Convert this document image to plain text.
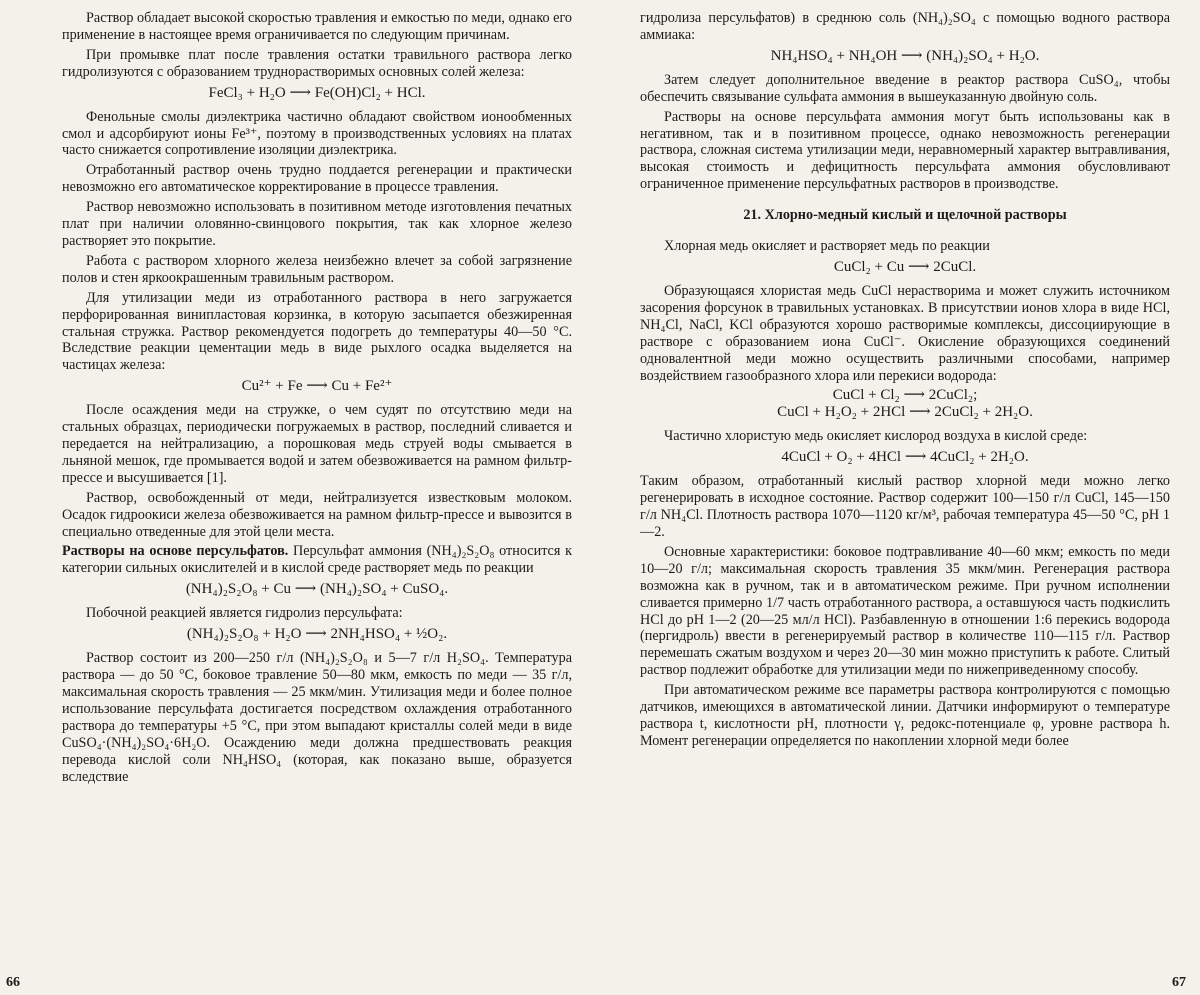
Раствор обладает высокой скоростью травления и емкостью по меди, однако его применение в настоящее время ограничивается по следующим причинам.

При промывке плат после травления остатки травильного раствора легко гидролизуются с образованием труднорастворимых основных солей железа:

FeCl₃ + H₂O ⟶ Fe(OH)Cl₂ + HCl.

Фенольные смолы диэлектрика частично обладают свойством ионообменных смол и адсорбируют ионы Fe³⁺, поэтому в производственных условиях на платах часто снижается сопротивление изоляции диэлектрика.

Отработанный раствор очень трудно поддается регенерации и практически невозможно его автоматическое корректирование в процессе травления.

Раствор невозможно использовать в позитивном методе изготовления печатных плат при наличии оловянно-свинцового покрытия, так как хлорное железо растворяет это покрытие.

Работа с раствором хлорного железа неизбежно влечет за собой загрязнение полов и стен яркоокрашенным травильным раствором.

Для утилизации меди из отработанного раствора в него загружается перфорированная винипластовая корзинка, в которую засыпается обезжиренная стальная стружка. Раствор рекомендуется подогреть до температуры 40—50 °С. Вследствие реакции цементации медь в виде рыхлого осадка выделяется на частицах железа:

Cu²⁺ + Fe ⟶ Cu + Fe²⁺

После осаждения меди на стружке, о чем судят по отсутствию меди на стальных образцах, периодически погружаемых в раствор, последний сливается и передается на нейтрализацию, а порошковая медь струей воды смывается в льняной мешок, где промывается водой и затем обезвоживается на рамном фильтр-прессе и высушивается [1].

Раствор, освобожденный от меди, нейтрализуется известковым молоком. Осадок гидроокиси железа обезвоживается на рамном фильтр-прессе и вывозится в специально отведенные для этой цели места.

Растворы на основе персульфатов. Персульфат аммония (NH₄)₂S₂O₈ относится к категории сильных окислителей и в кислой среде растворяет медь по реакции

(NH₄)₂S₂O₈ + Cu ⟶ (NH₄)₂SO₄ + CuSO₄.

Побочной реакцией является гидролиз персульфата:

(NH₄)₂S₂O₈ + H₂O ⟶ 2NH₄HSO₄ + ½O₂.

Раствор состоит из 200—250 г/л (NH₄)₂S₂O₈ и 5—7 г/л H₂SO₄. Температура раствора — до 50 °С, боковое травление 50—80 мкм, емкость по меди — 35 г/л, максимальная скорость травления — 25 мкм/мин. Утилизация меди и более полное использование персульфата достигается посредством охлаждения отработанного раствора до температуры +5 °С, при этом выпадают кристаллы солей меди в виде CuSO₄·(NH₄)₂SO₄·6H₂O. Осаждению меди должна предшествовать реакция перевода кислой соли NH₄HSO₄ (которая, как показано выше, образуется вследствие

66

гидролиза персульфатов) в среднюю соль (NH₄)₂SO₄ с помощью водного раствора аммиака:

NH₄HSO₄ + NH₄OH ⟶ (NH₄)₂SO₄ + H₂O.

Затем следует дополнительное введение в реактор раствора CuSO₄, чтобы обеспечить связывание сульфата аммония в вышеуказанную двойную соль.

Растворы на основе персульфата аммония могут быть использованы как в негативном, так и в позитивном процессе, однако невозможность регенерации раствора, сложная система утилизации меди, неравномерный характер вытравливания, высокая стоимость и дефицитность персульфата аммония обусловливают ограниченное применение персульфатных растворов в производстве.

21. Хлорно-медный кислый и щелочной растворы

Хлорная медь окисляет и растворяет медь по реакции

CuCl₂ + Cu ⟶ 2CuCl.

Образующаяся хлористая медь CuCl нерастворима и может служить источником засорения форсунок в травильных установках. В присутствии ионов хлора в виде HCl, NH₄Cl, NaCl, KCl образуются хорошо растворимые комплексы, диссоциирующие в растворе с образованием иона CuCl⁻. Окисление образующихся соединений одновалентной меди можно осуществить различными способами, например воздействием газообразного хлора или перекиси водорода:

CuCl + Cl₂ ⟶ 2CuCl₂;
CuCl + H₂O₂ + 2HCl ⟶ 2CuCl₂ + 2H₂O.

Частично хлористую медь окисляет кислород воздуха в кислой среде:

4CuCl + O₂ + 4HCl ⟶ 4CuCl₂ + 2H₂O.

Таким образом, отработанный кислый раствор хлорной меди можно легко регенерировать в исходное состояние. Раствор содержит 100—150 г/л CuCl, 145—150 г/л NH₄Cl. Плотность раствора 1070—1120 кг/м³, рабочая температура 45—50 °С, pH 1—2.

Основные характеристики: боковое подтравливание 40—60 мкм; емкость по меди 10—20 г/л; максимальная скорость травления 35 мкм/мин. Регенерация раствора возможна как в ручном, так и в автоматическом режиме. При ручном исполнении сливается примерно 1/7 часть отработанного раствора, а оставшуюся часть подкислить HCl до pH 1—2 (20—25 мл/л HCl). Разбавленную в отношении 1:6 перекись водорода (пергидроль) ввести в регенерируемый раствор в количестве 110—115 г/л. Раствор перемешать сжатым воздухом и через 20—30 мин можно приступить к работе. Слитый раствор подлежит обработке для утилизации меди по нижеприведенному способу.

При автоматическом режиме все параметры раствора контролируются с помощью датчиков, имеющихся в автоматической линии. Датчики информируют о температуре раствора t, кислотности pH, плотности γ, редокс-потенциале φ, уровне раствора h. Момент регенерации определяется по накоплении хлорной меди более

67
